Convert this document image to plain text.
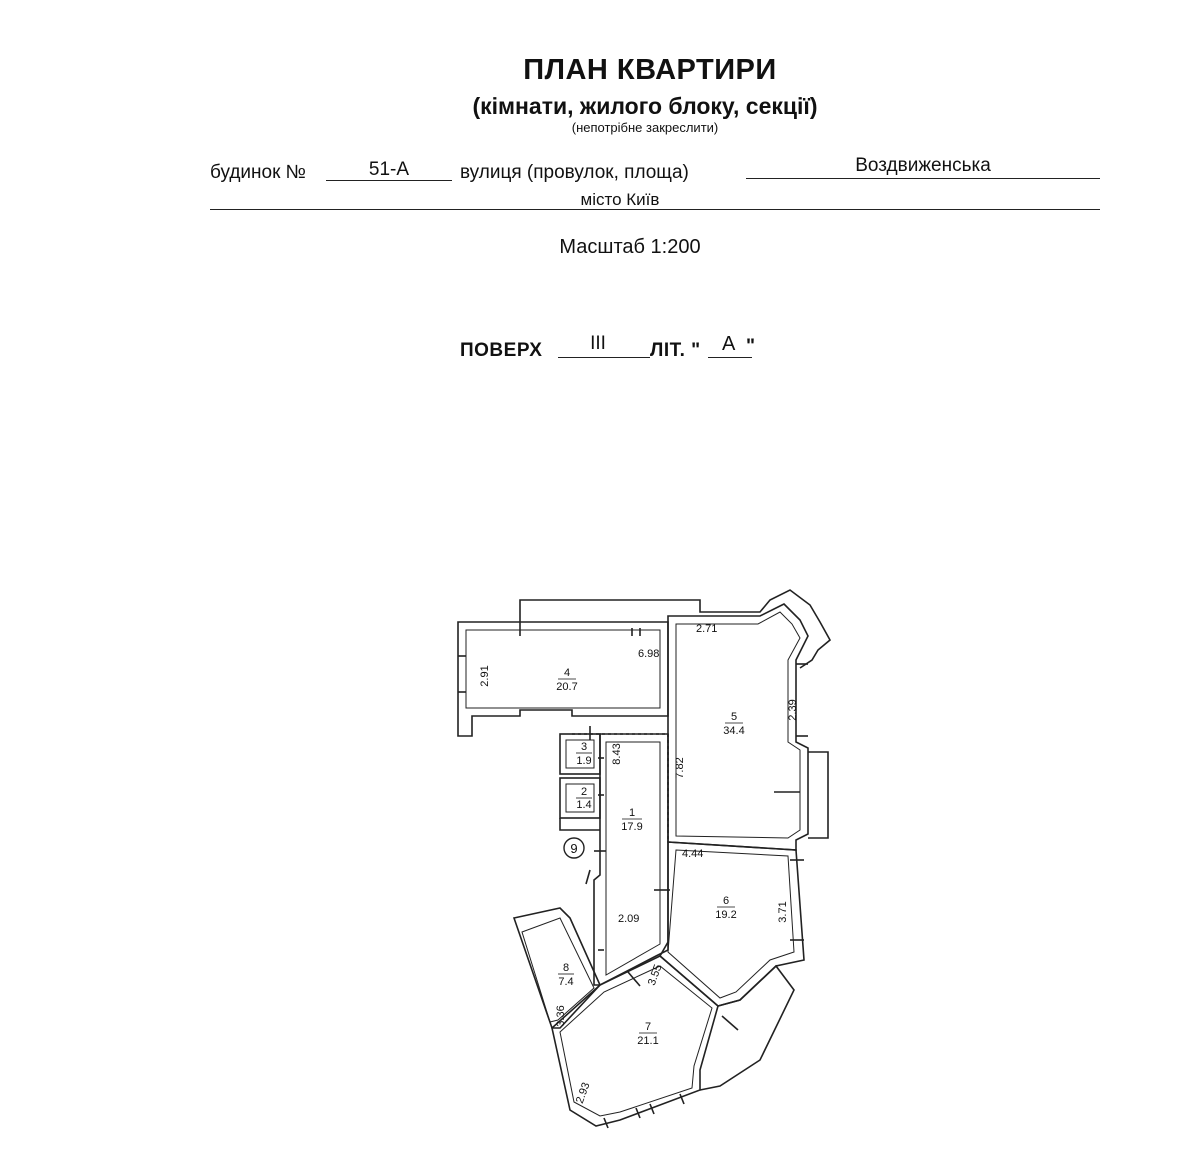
ПЛАН КВАРТИРИ
(кімнати, жилого блоку, секції)
(непотрібне закреслити)
будинок №	51-А	вулиця (провулок, площа)	Воздвиженська
місто Київ
Масштаб 1:200
ПОВЕРХ	III	ЛІТ. " А "
9
4
20.7
5
34.4
3
1.9
2
1.4
1
17.9
6
19.2
7
21.1
8
7.4
6.98
2.91
2.71
2.39
8.43
7.82
4.44
3.71
2.09
3.55
3.36
2.93
